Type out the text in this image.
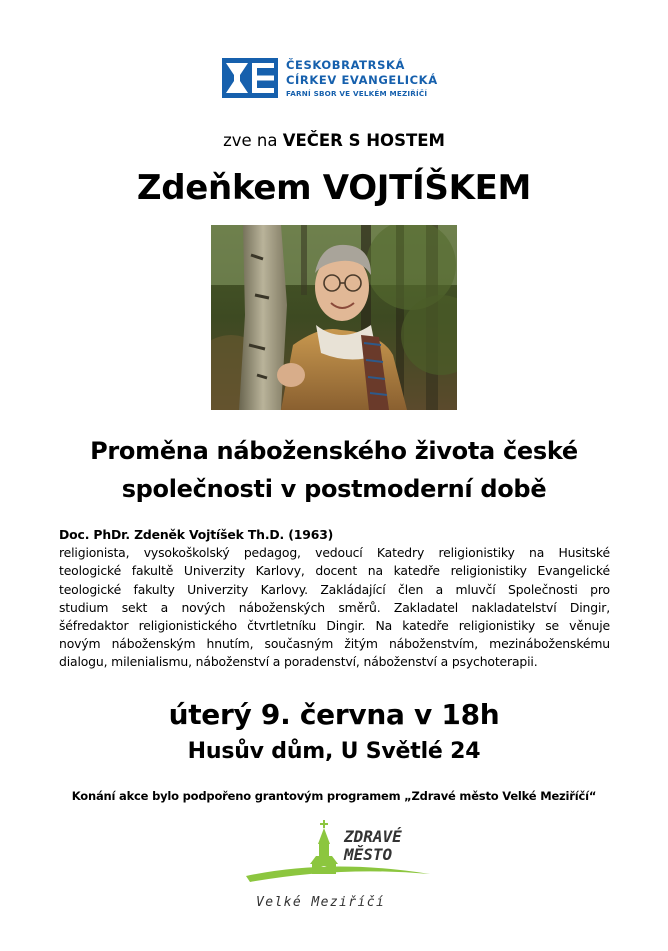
ČESKOBRATRSKÁ
CÍRKEV EVANGELICKÁ
FARNÍ SBOR VE VELKÉM MEZIŘÍČÍ
zve na VEČER S HOSTEM
Zdeňkem VOJTÍŠKEM
Proměna náboženského života české
společnosti v postmoderní době
Doc. PhDr. Zdeněk Vojtíšek Th.D. (1963)
religionista, vysokoškolský pedagog, vedoucí Katedry religionistiky na Husitské
teologické fakultě Univerzity Karlovy, docent na katedře religionistiky Evangelické
teologické fakulty Univerzity Karlovy. Zakládající člen a mluvčí Společnosti pro
studium sekt a nových náboženských směrů. Zakladatel nakladatelství Dingir,
šéfredaktor religionistického čtvrtletníku Dingir. Na katedře religionistiky se věnuje
novým náboženským hnutím, současným žitým náboženstvím, mezináboženskému
dialogu, milenialismu, náboženství a poradenství, náboženství a psychoterapii.
úterý 9. června v 18h
Husův dům, U Světlé 24
Konání akce bylo podpořeno grantovým programem „Zdravé město Velké Meziříčí“
ZDRAVÉ
MĚSTO
Velké Meziříčí
